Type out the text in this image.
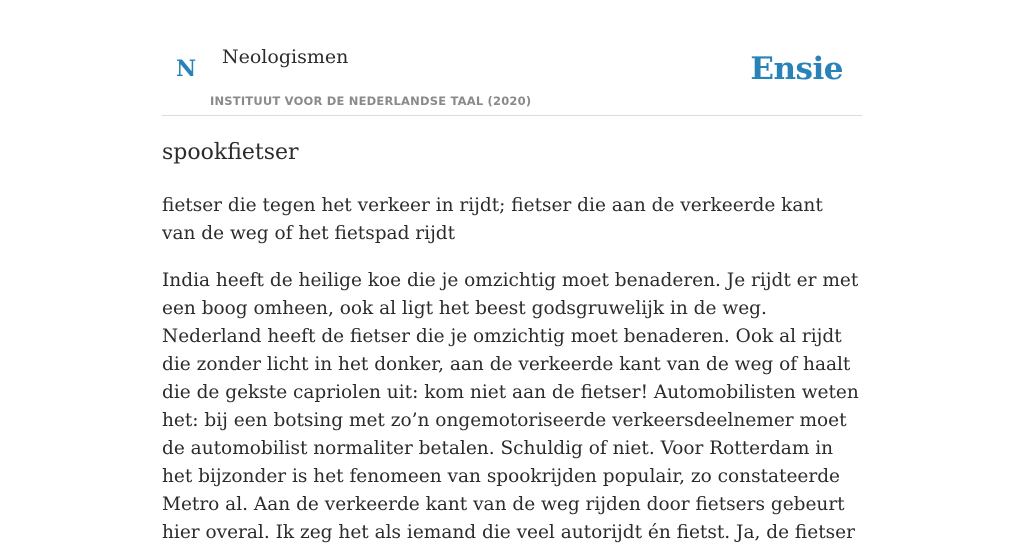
N Neologismen
INSTITUUT VOOR DE NEDERLANDSE TAAL (2020)
Ensie
spookfietser
fietser die tegen het verkeer in rijdt; fietser die aan de verkeerde kant van de weg of het fietspad rijdt
India heeft de heilige koe die je omzichtig moet benaderen. Je rijdt er met een boog omheen, ook al ligt het beest godsgruwelijk in de weg. Nederland heeft de fietser die je omzichtig moet benaderen. Ook al rijdt die zonder licht in het donker, aan de verkeerde kant van de weg of haalt die de gekste capriolen uit: kom niet aan de fietser! Automobilisten weten het: bij een botsing met zo’n ongemotoriseerde verkeersdeelnemer moet de automobilist normaliter betalen. Schuldig of niet. Voor Rotterdam in het bijzonder is het fenomeen van spookrijden populair, zo constateerde Metro al. Aan de verkeerde kant van de weg rijden door fietsers gebeurt hier overal. Ik zeg het als iemand die veel autorijdt én fietst. Ja, de fietser
